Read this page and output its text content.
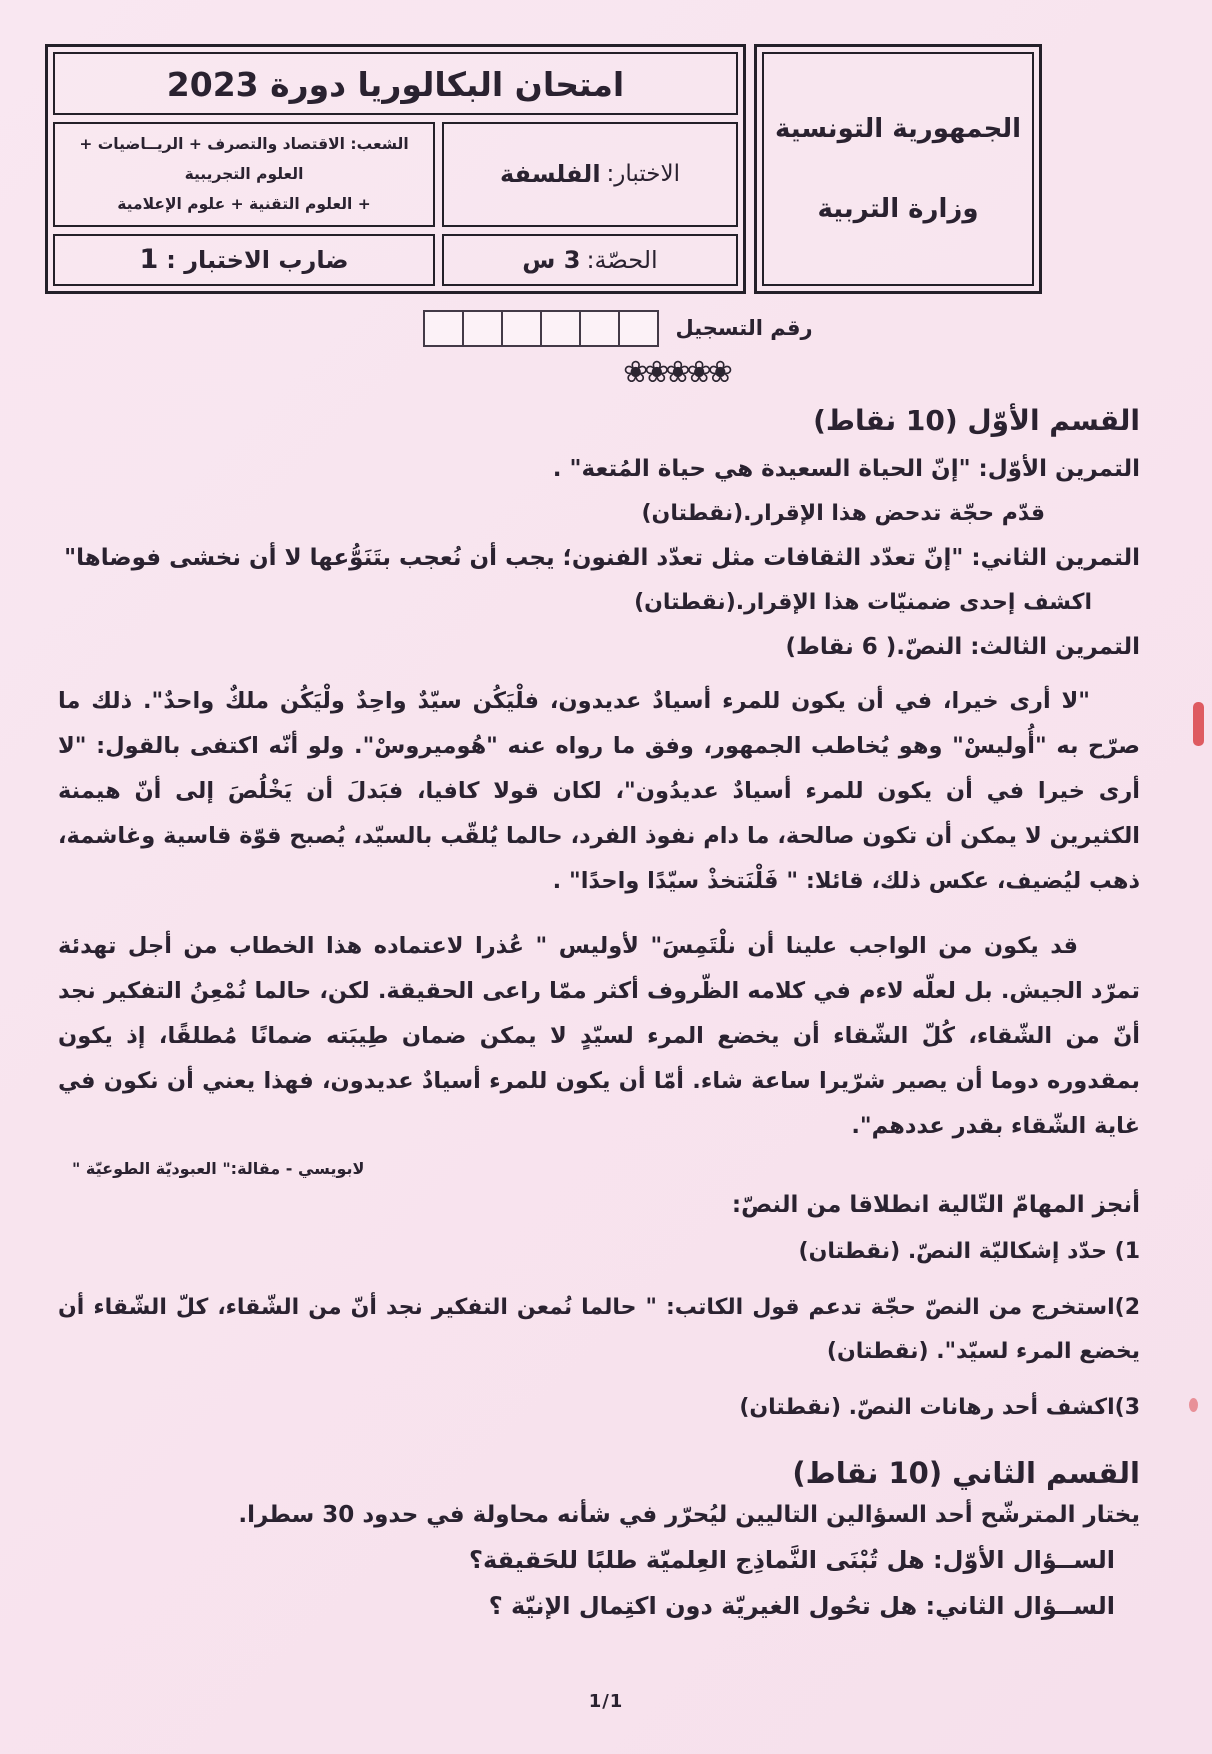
الجمهورية التونسية
وزارة التربية
امتحان البكالوريا دورة 2023
الاختبار:
الفلسفة
الشعب: الاقتصاد والتصرف + الريــاضيات + العلوم التجريبية
+ العلوم التقنية + علوم الإعلامية
الحصّة:
3 س
ضارب الاختبار :
1
رقم التسجيل
❀❀❀❀❀
القسم الأوّل (10 نقاط)

التمرين الأوّل: "إنّ الحياة السعيدة هي حياة المُتعة" .

قدّم حجّة تدحض هذا الإقرار.(نقطتان)

التمرين الثاني: "إنّ تعدّد الثقافات مثل تعدّد الفنون؛ يجب أن نُعجب بتَنَوُّعها لا أن نخشى فوضاها"

اكشف إحدى ضمنيّات هذا الإقرار.(نقطتان)

التمرين الثالث: النصّ.( 6 نقاط)

"لا أرى خيرا، في أن يكون للمرء أسيادٌ عديدون، فلْيَكُن سيّدٌ واحِدٌ ولْيَكُن ملكٌ واحدٌ". ذلك ما صرّح به "أُوليسْ" وهو يُخاطب الجمهور، وفق ما رواه عنه "هُوميروسْ". ولو أنّه اكتفى بالقول: "لا أرى خيرا في أن يكون للمرء أسيادٌ عديدُون"، لكان قولا كافيا، فبَدلَ أن يَخْلُصَ إلى أنّ هيمنة الكثيرين لا يمكن أن تكون صالحة، ما دام نفوذ الفرد، حالما يُلقّب بالسيّد، يُصبح قوّة قاسية وغاشمة، ذهب ليُضيف، عكس ذلك، قائلا: " فَلْنَتخذْ سيّدًا واحدًا" .

قد يكون من الواجب علينا أن نلْتَمِسَ" لأوليس " عُذرا لاعتماده هذا الخطاب من أجل تهدئة تمرّد الجيش. بل لعلّه لاءم في كلامه الظّروف أكثر ممّا راعى الحقيقة. لكن، حالما نُمْعِنُ التفكير نجد أنّ من الشّقاء، كُلّ الشّقاء أن يخضع المرء لسيّدٍ لا يمكن ضمان طِيبَته ضمانًا مُطلقًا، إذ يكون بمقدوره دوما أن يصير شرّيرا ساعة شاء. أمّا أن يكون للمرء أسيادٌ عديدون، فهذا يعني أن نكون في غاية الشّقاء بقدر عددهم".

لابويسي - مقالة:" العبوديّة الطوعيّة "

أنجز المهامّ التّالية انطلاقا من النصّ:

1) حدّد إشكاليّة النصّ. (نقطتان)

2)استخرج من النصّ حجّة تدعم قول الكاتب: " حالما نُمعن التفكير نجد أنّ من الشّقاء، كلّ الشّقاء أن يخضع المرء لسيّد". (نقطتان)

3)اكشف أحد رهانات النصّ. (نقطتان)

القسم الثاني (10 نقاط)

يختار المترشّح أحد السؤالين التاليين ليُحرّر في شأنه محاولة في حدود 30 سطرا.

الســؤال الأوّل: هل تُبْنَى النَّماذِج العِلميّة طلبًا للحَقيقة؟

الســؤال الثاني: هل تحُول الغيريّة دون اكتِمال الإنيّة ؟

1/1
